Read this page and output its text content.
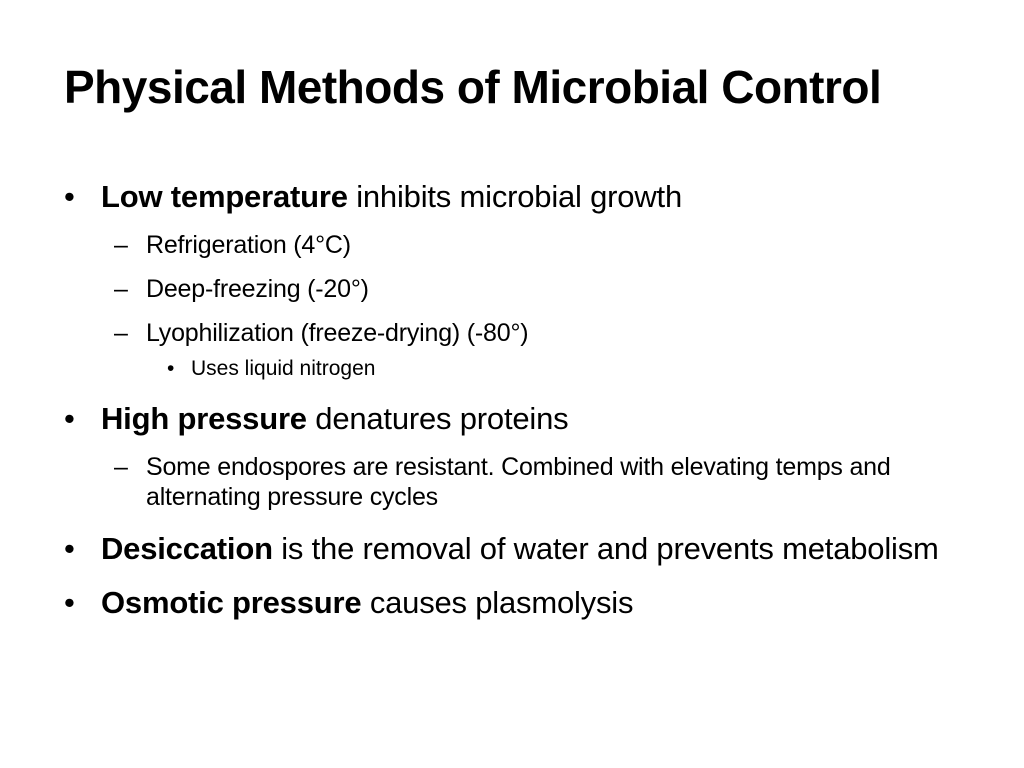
Physical Methods of Microbial Control
• Low temperature inhibits microbial growth
– Refrigeration (4°C)
– Deep-freezing (-20°)
– Lyophilization (freeze-drying) (-80°)
• Uses liquid nitrogen
• High pressure denatures proteins
– Some endospores are resistant. Combined with elevating temps and alternating pressure cycles
• Desiccation is the removal of water and prevents metabolism
• Osmotic pressure causes plasmolysis
